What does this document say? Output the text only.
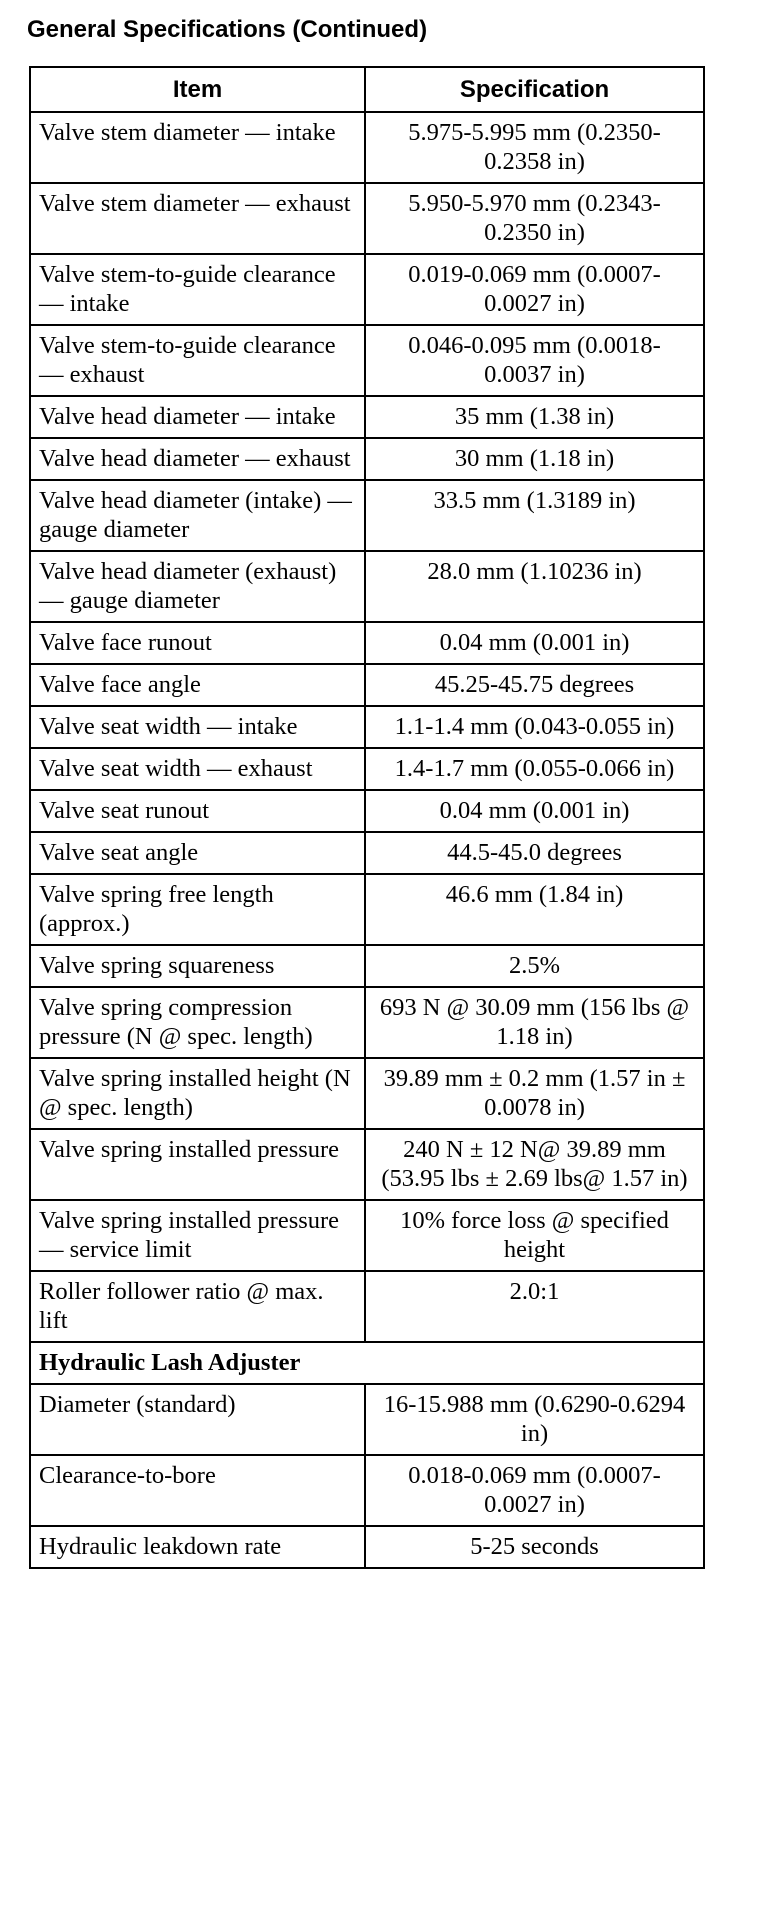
General Specifications (Continued)
Item	Specification
Valve stem diameter — intake	5.975-5.995 mm (0.2350-0.2358 in)
Valve stem diameter — exhaust	5.950-5.970 mm (0.2343-0.2350 in)
Valve stem-to-guide clearance — intake	0.019-0.069 mm (0.0007-0.0027 in)
Valve stem-to-guide clearance — exhaust	0.046-0.095 mm (0.0018-0.0037 in)
Valve head diameter — intake	35 mm (1.38 in)
Valve head diameter — exhaust	30 mm (1.18 in)
Valve head diameter (intake) — gauge diameter	33.5 mm (1.3189 in)
Valve head diameter (exhaust) — gauge diameter	28.0 mm (1.10236 in)
Valve face runout	0.04 mm (0.001 in)
Valve face angle	45.25-45.75 degrees
Valve seat width — intake	1.1-1.4 mm (0.043-0.055 in)
Valve seat width — exhaust	1.4-1.7 mm (0.055-0.066 in)
Valve seat runout	0.04 mm (0.001 in)
Valve seat angle	44.5-45.0 degrees
Valve spring free length (approx.)	46.6 mm (1.84 in)
Valve spring squareness	2.5%
Valve spring compression pressure (N @ spec. length)	693 N @ 30.09 mm (156 lbs @ 1.18 in)
Valve spring installed height (N @ spec. length)	39.89 mm ± 0.2 mm (1.57 in ± 0.0078 in)
Valve spring installed pressure	240 N ± 12 N@ 39.89 mm (53.95 lbs ± 2.69 lbs@ 1.57 in)
Valve spring installed pressure — service limit	10% force loss @ specified height
Roller follower ratio @ max. lift	2.0:1
Hydraulic Lash Adjuster	
Diameter (standard)	16-15.988 mm (0.6290-0.6294 in)
Clearance-to-bore	0.018-0.069 mm (0.0007-0.0027 in)
Hydraulic leakdown rate	5-25 seconds
